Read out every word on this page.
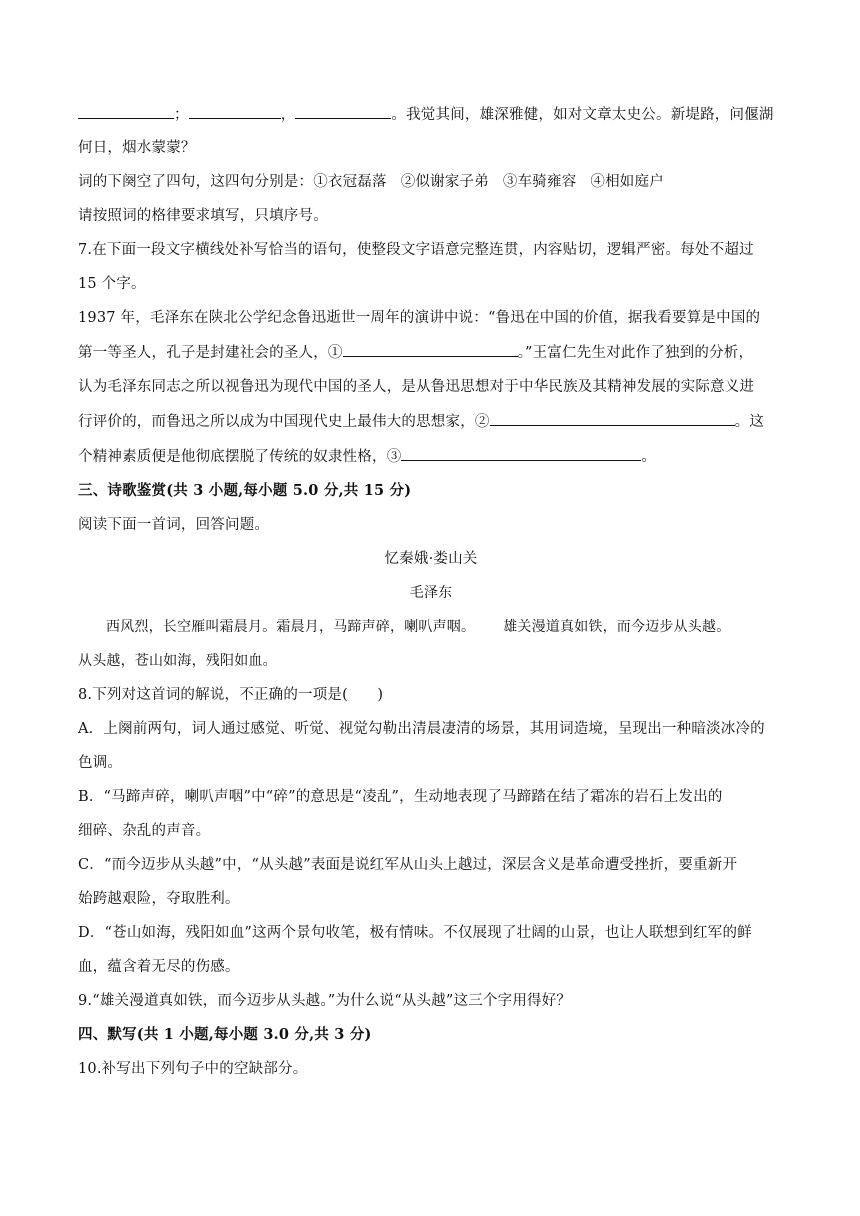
；	，	。我觉其间，雄深雅健，如对文章太史公。新堤路，问偃湖

何日，烟水蒙蒙？

词的下阕空了四句，这四句分别是：①衣冠磊落 ②似谢家子弟 ③车骑雍容 ④相如庭户

请按照词的格律要求填写，只填序号。

7.在下面一段文字横线处补写恰当的语句，使整段文字语意完整连贯，内容贴切，逻辑严密。每处不超过

15 个字。

1937 年，毛泽东在陕北公学纪念鲁迅逝世一周年的演讲中说：“鲁迅在中国的价值，据我看要算是中国的

第一等圣人，孔子是封建社会的圣人，①	。”王富仁先生对此作了独到的分析，

认为毛泽东同志之所以视鲁迅为现代中国的圣人，是从鲁迅思想对于中华民族及其精神发展的实际意义进

行评价的，而鲁迅之所以成为中国现代史上最伟大的思想家，②	。这

个精神素质便是他彻底摆脱了传统的奴隶性格，③	。

三、诗歌鉴赏(共 3 小题,每小题 5.0 分,共 15 分)

阅读下面一首词，回答问题。

忆秦娥·娄山关

毛泽东

西风烈，长空雁叫霜晨月。霜晨月，马蹄声碎，喇叭声咽。 雄关漫道真如铁，而今迈步从头越。

从头越，苍山如海，残阳如血。

8.下列对这首词的解说，不正确的一项是(　　)

A．上阕前两句，词人通过感觉、听觉、视觉勾勒出清晨凄清的场景，其用词造境，呈现出一种暗淡冰冷的

色调。

B．“马蹄声碎，喇叭声咽”中“碎”的意思是“凌乱”，生动地表现了马蹄踏在结了霜冻的岩石上发出的

细碎、杂乱的声音。

C．“而今迈步从头越”中，“从头越”表面是说红军从山头上越过，深层含义是革命遭受挫折，要重新开

始跨越艰险，夺取胜利。

D．“苍山如海，残阳如血”这两个景句收笔，极有情味。不仅展现了壮阔的山景，也让人联想到红军的鲜

血，蕴含着无尽的伤感。

9.“雄关漫道真如铁，而今迈步从头越。”为什么说“从头越”这三个字用得好？

四、默写(共 1 小题,每小题 3.0 分,共 3 分)

10.补写出下列句子中的空缺部分。
